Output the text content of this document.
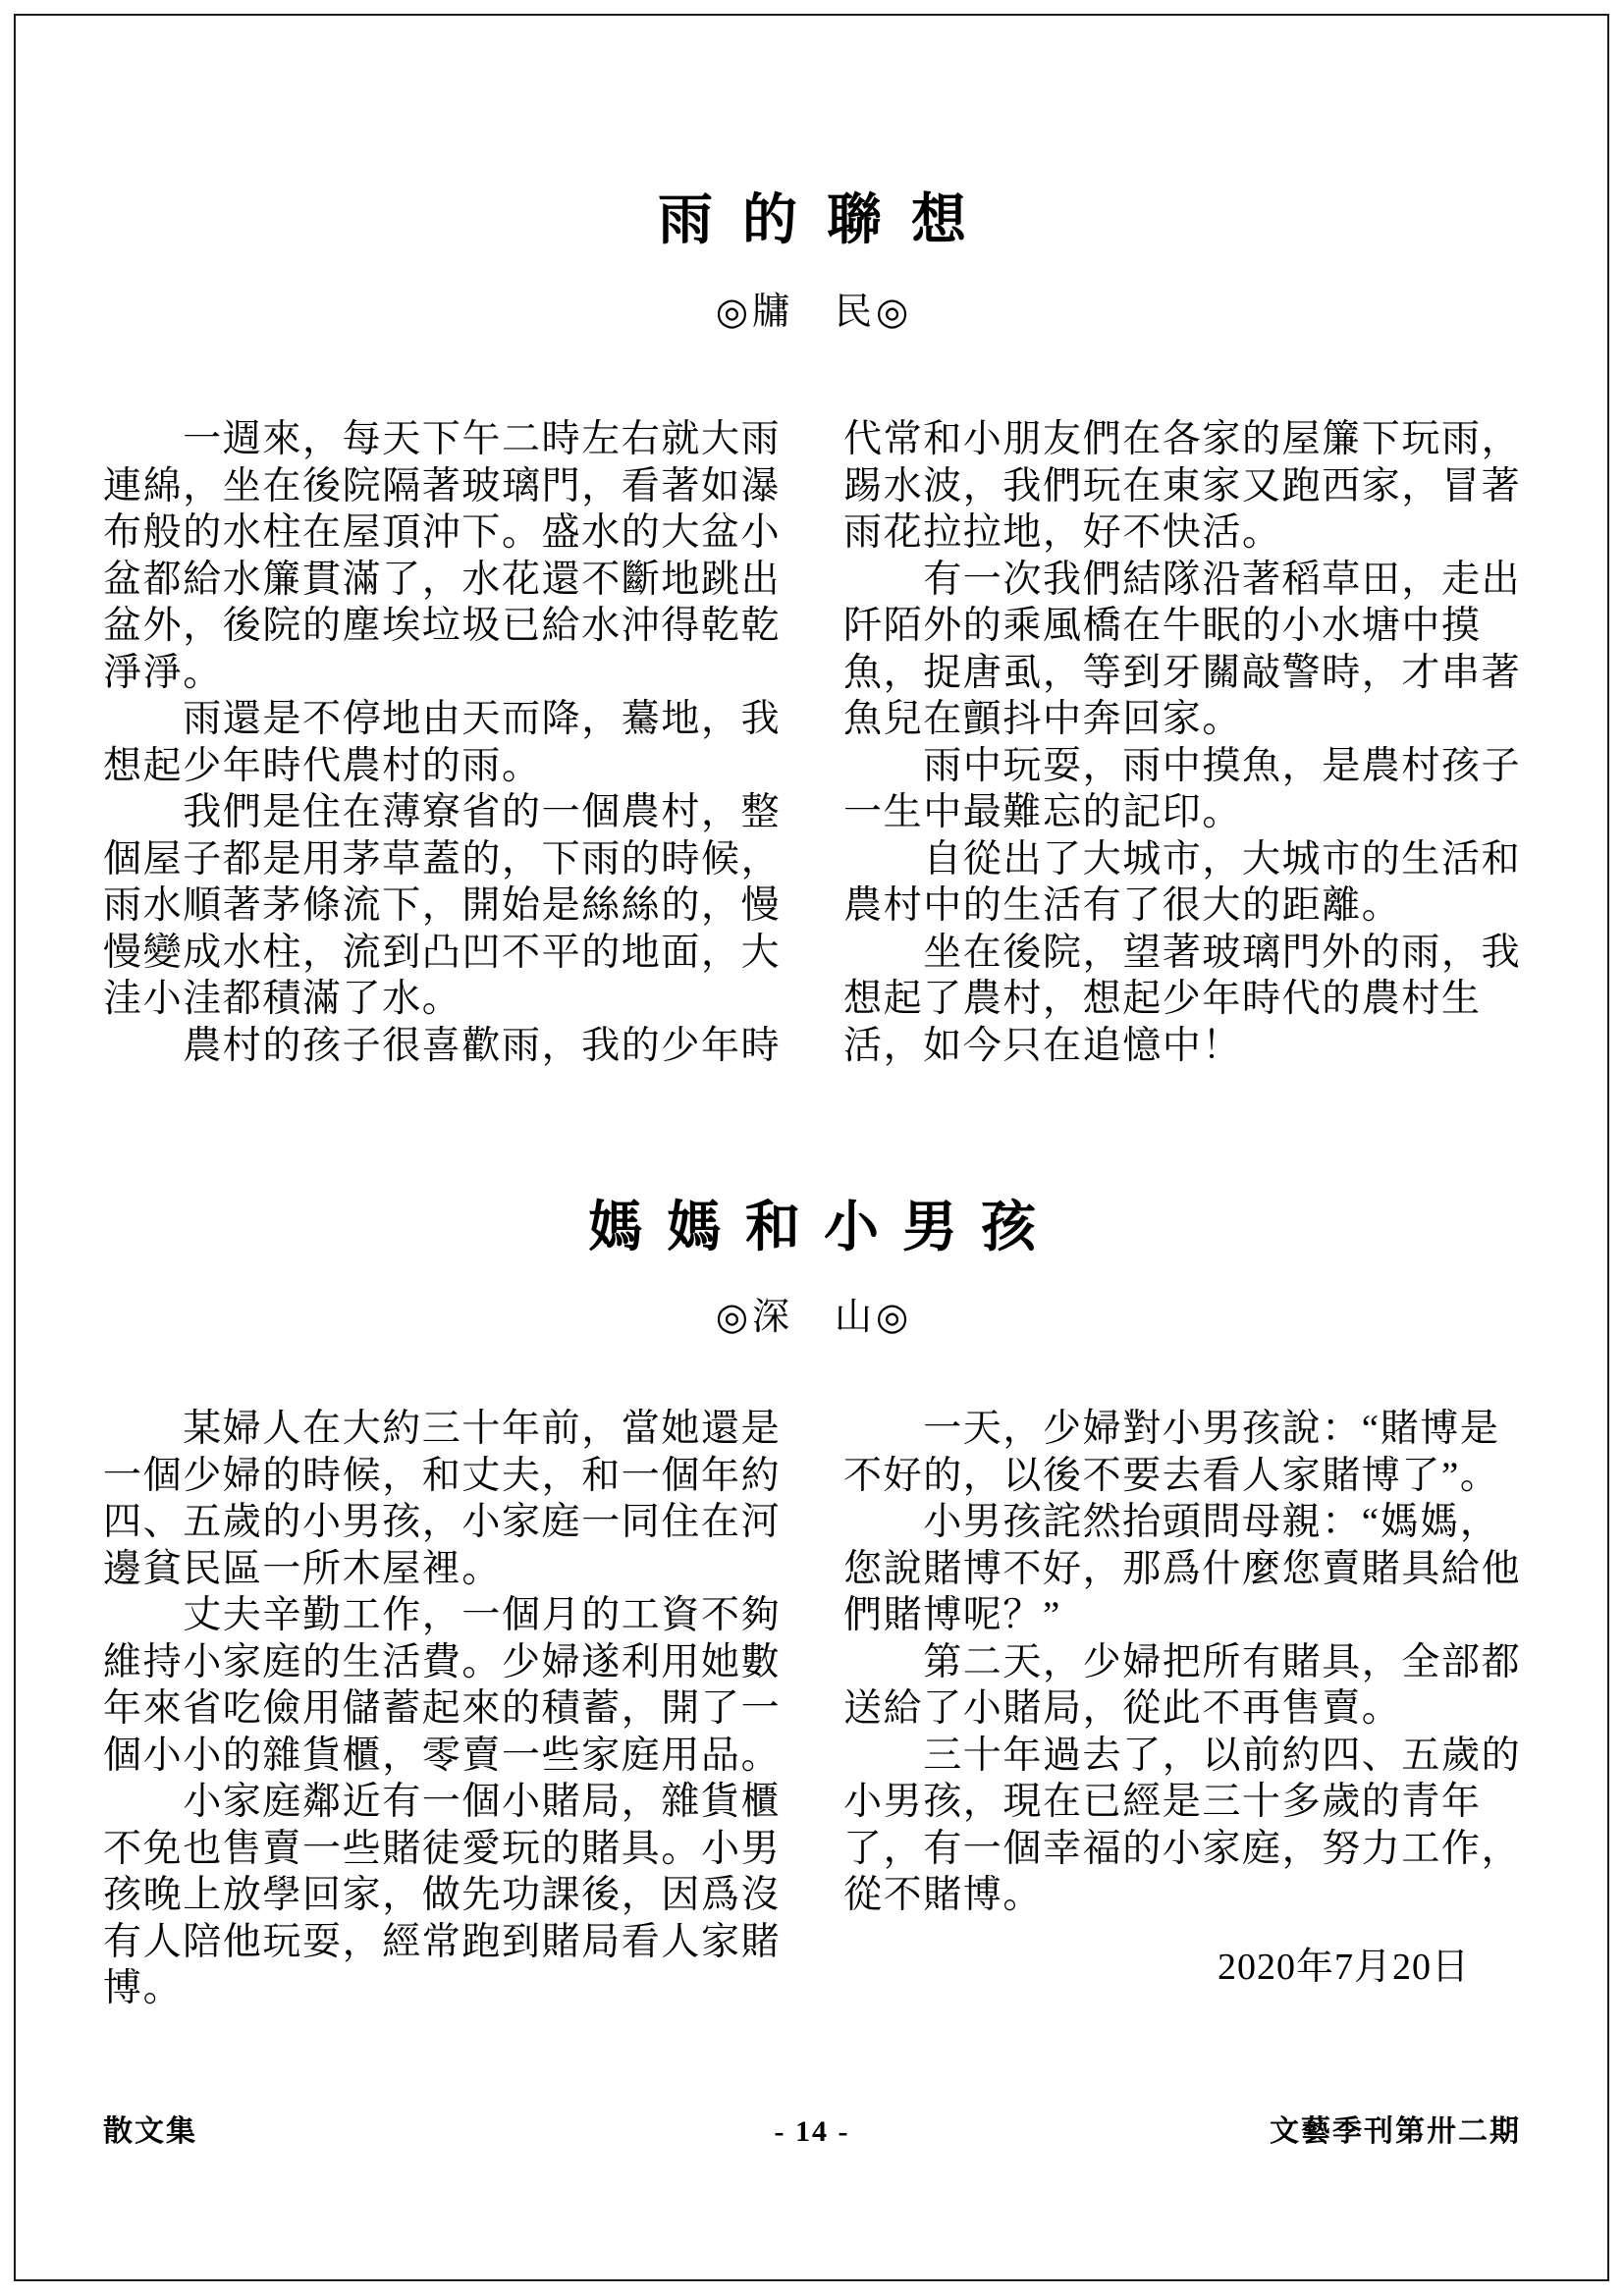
雨的聯想
◎牗　民◎
　　一週來，每天下午二時左右就大雨
連綿，坐在後院隔著玻璃門，看著如瀑
布般的水柱在屋頂沖下。盛水的大盆小
盆都給水簾貫滿了，水花還不斷地跳出
盆外，後院的塵埃垃圾已給水沖得乾乾
淨淨。
　　雨還是不停地由天而降，驀地，我
想起少年時代農村的雨。
　　我們是住在薄寮省的一個農村，整
個屋子都是用茅草蓋的，下雨的時候，
雨水順著茅條流下，開始是絲絲的，慢
慢變成水柱，流到凸凹不平的地面，大
洼小洼都積滿了水。
　　農村的孩子很喜歡雨，我的少年時
代常和小朋友們在各家的屋簾下玩雨，
踢水波，我們玩在東家又跑西家，冒著
雨花拉拉地，好不快活。
　　有一次我們結隊沿著稻草田，走出
阡陌外的乘風橋在牛眠的小水塘中摸
魚，捉唐虱，等到牙關敲警時，才串著
魚兒在顫抖中奔回家。
　　雨中玩耍，雨中摸魚，是農村孩子
一生中最難忘的記印。
　　自從出了大城市，大城市的生活和
農村中的生活有了很大的距離。
　　坐在後院，望著玻璃門外的雨，我
想起了農村，想起少年時代的農村生
活，如今只在追憶中！
媽媽和小男孩
◎深　山◎
　　某婦人在大約三十年前，當她還是
一個少婦的時候，和丈夫，和一個年約
四、五歲的小男孩，小家庭一同住在河
邊貧民區一所木屋裡。
　　丈夫辛勤工作，一個月的工資不夠
維持小家庭的生活費。少婦遂利用她數
年來省吃儉用儲蓄起來的積蓄，開了一
個小小的雜貨櫃，零賣一些家庭用品。
　　小家庭鄰近有一個小賭局，雜貨櫃
不免也售賣一些賭徒愛玩的賭具。小男
孩晚上放學回家，做先功課後，因爲沒
有人陪他玩耍，經常跑到賭局看人家賭
博。
　　一天，少婦對小男孩說：“賭博是
不好的，以後不要去看人家賭博了”。
　　小男孩詫然抬頭問母親：“媽媽，
您說賭博不好，那爲什麼您賣賭具給他
們賭博呢？”
　　第二天，少婦把所有賭具，全部都
送給了小賭局，從此不再售賣。
　　三十年過去了，以前約四、五歲的
小男孩，現在已經是三十多歲的青年
了，有一個幸福的小家庭，努力工作，
從不賭博。
2020年7月20日
散文集	- 14 -	文藝季刊第卅二期
